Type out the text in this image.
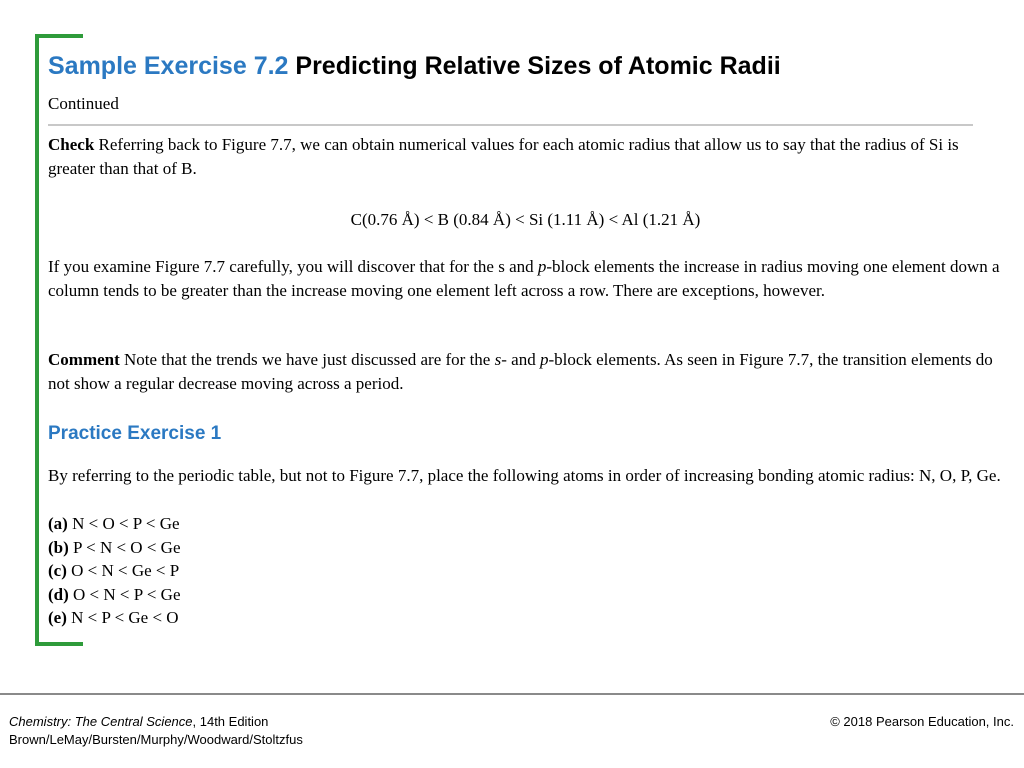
Sample Exercise 7.2 Predicting Relative Sizes of Atomic Radii
Continued

Check Referring back to Figure 7.7, we can obtain numerical values for each atomic radius that allow us to say that the radius of Si is greater than that of B.

C(0.76 Å) < B (0.84 Å) < Si (1.11 Å) < Al (1.21 Å)

If you examine Figure 7.7 carefully, you will discover that for the s and p-block elements the increase in radius moving one element down a column tends to be greater than the increase moving one element left across a row. There are exceptions, however.

Comment Note that the trends we have just discussed are for the s- and p-block elements. As seen in Figure 7.7, the transition elements do not show a regular decrease moving across a period.

Practice Exercise 1

By referring to the periodic table, but not to Figure 7.7, place the following atoms in order of increasing bonding atomic radius: N, O, P, Ge.

(a) N < O < P < Ge
(b) P < N < O < Ge
(c) O < N < Ge < P
(d) O < N < P < Ge
(e) N < P < Ge < O
Chemistry: The Central Science, 14th Edition
Brown/LeMay/Bursten/Murphy/Woodward/Stoltzfus
© 2018 Pearson Education, Inc.
